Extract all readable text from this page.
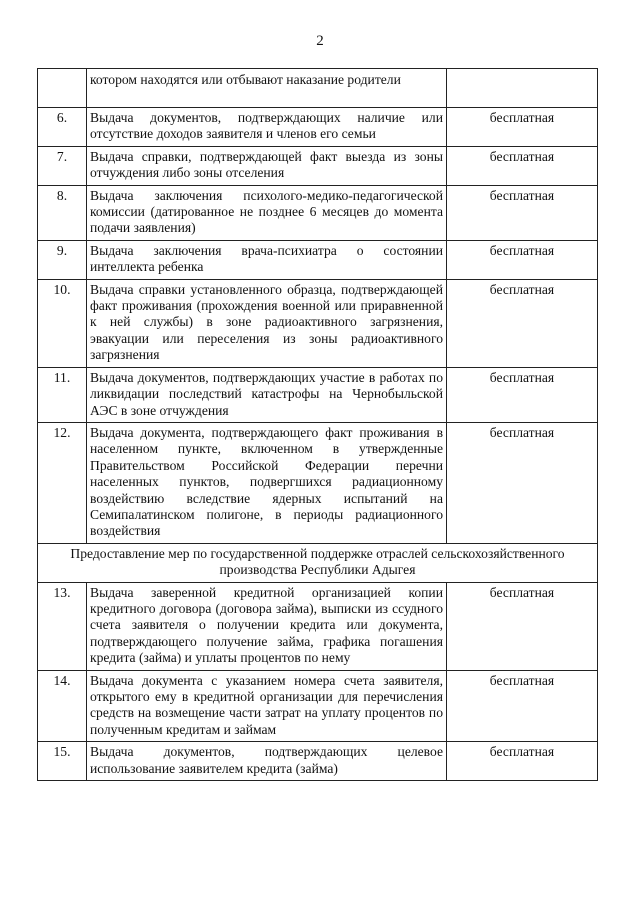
2
	котором находятся или отбывают наказание родители	
6.	Выдача документов, подтверждающих наличие или отсутствие доходов заявителя и членов его семьи	бесплатная
7.	Выдача справки, подтверждающей факт выезда из зоны отчуждения либо зоны отселения	бесплатная
8.	Выдача заключения психолого-медико-педагогической комиссии (датированное не позднее 6 месяцев до момента подачи заявления)	бесплатная
9.	Выдача заключения врача-психиатра о состоянии интеллекта ребенка	бесплатная
10.	Выдача справки установленного образца, подтверждающей факт проживания (прохождения военной или приравненной к ней службы) в зоне радиоактивного загрязнения, эвакуации или переселения из зоны радиоактивного загрязнения	бесплатная
11.	Выдача документов, подтверждающих участие в работах по ликвидации последствий катастрофы на Чернобыльской АЭС в зоне отчуждения	бесплатная
12.	Выдача документа, подтверждающего факт проживания в населенном пункте, включенном в утвержденные Правительством Российской Федерации перечни населенных пунктов, подвергшихся радиационному воздействию вследствие ядерных испытаний на Семипалатинском полигоне, в периоды радиационного воздействия	бесплатная
Предоставление мер по государственной поддержке отраслей сельскохозяйственного производства Республики Адыгея		
13.	Выдача заверенной кредитной организацией копии кредитного договора (договора займа), выписки из ссудного счета заявителя о получении кредита или документа, подтверждающего получение займа, графика погашения кредита (займа) и уплаты процентов по нему	бесплатная
14.	Выдача документа с указанием номера счета заявителя, открытого ему в кредитной организации для перечисления средств на возмещение части затрат на уплату процентов по полученным кредитам и займам	бесплатная
15.	Выдача документов, подтверждающих целевое использование заявителем кредита (займа)	бесплатная
